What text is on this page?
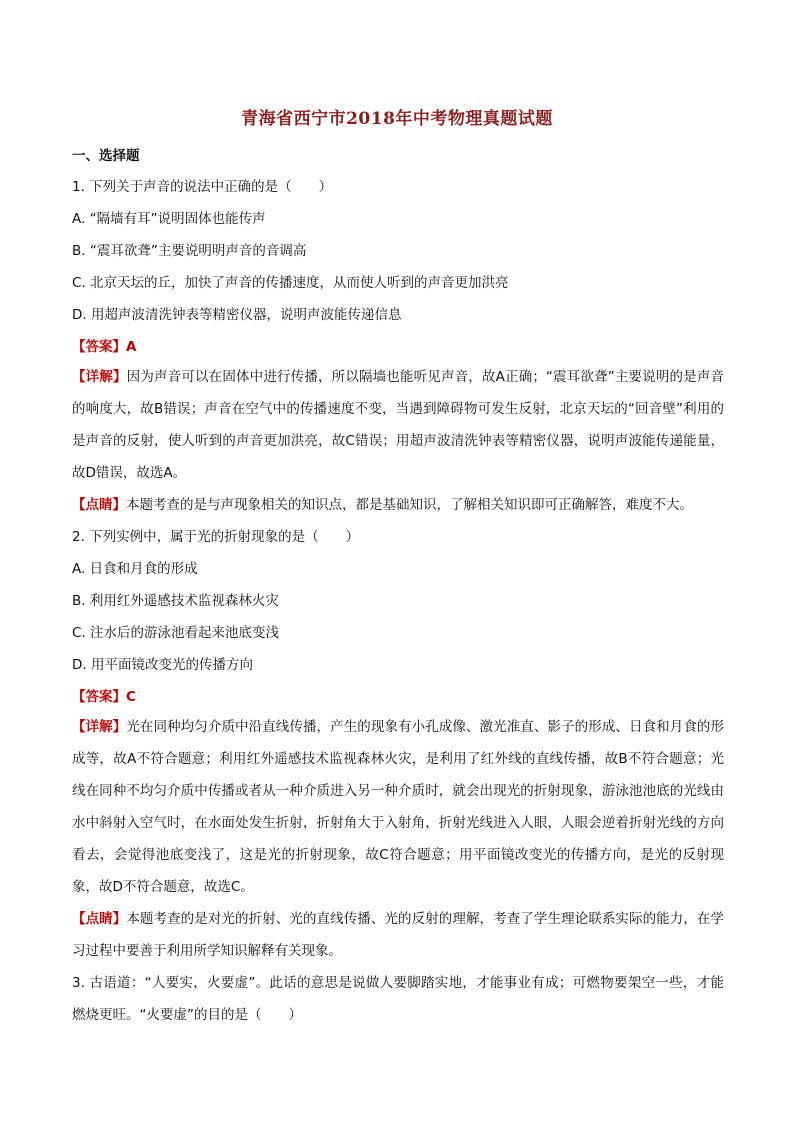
青海省西宁市2018年中考物理真题试题
一、选择题
1. 下列关于声音的说法中正确的是（　　）
A. “隔墙有耳”说明固体也能传声
B. “震耳欲聋”主要说明明声音的音调高
C. 北京天坛的丘，加快了声音的传播速度，从而使人听到的声音更加洪亮
D. 用超声波清洗钟表等精密仪器，说明声波能传递信息
【答案】A
【详解】因为声音可以在固体中进行传播，所以隔墙也能听见声音，故A正确；“震耳欲聋”主要说明的是声音的响度大，故B错误；声音在空气中的传播速度不变，当遇到障碍物可发生反射，北京天坛的“回音壁”利用的是声音的反射，使人听到的声音更加洪亮，故C错误；用超声波清洗钟表等精密仪器，说明声波能传递能量，故D错误，故选A。
【点睛】本题考查的是与声现象相关的知识点，都是基础知识，了解相关知识即可正确解答，难度不大。
2. 下列实例中，属于光的折射现象的是（　　）
A. 日食和月食的形成
B. 利用红外遥感技术监视森林火灾
C. 注水后的游泳池看起来池底变浅
D. 用平面镜改变光的传播方向
【答案】C
【详解】光在同种均匀介质中沿直线传播，产生的现象有小孔成像、激光准直、影子的形成、日食和月食的形成等，故A不符合题意；利用红外遥感技术监视森林火灾，是利用了红外线的直线传播，故B不符合题意；光线在同种不均匀介质中传播或者从一种介质进入另一种介质时，就会出现光的折射现象，游泳池池底的光线由水中斜射入空气时，在水面处发生折射，折射角大于入射角，折射光线进入人眼，人眼会逆着折射光线的方向看去，会觉得池底变浅了，这是光的折射现象，故C符合题意；用平面镜改变光的传播方向，是光的反射现象，故D不符合题意，故选C。
【点睛】本题考查的是对光的折射、光的直线传播、光的反射的理解，考查了学生理论联系实际的能力，在学习过程中要善于利用所学知识解释有关现象。
3. 古语道：“人要实，火要虚”。此话的意思是说做人要脚踏实地，才能事业有成；可燃物要架空一些，才能燃烧更旺。“火要虚”的目的是（　　）
